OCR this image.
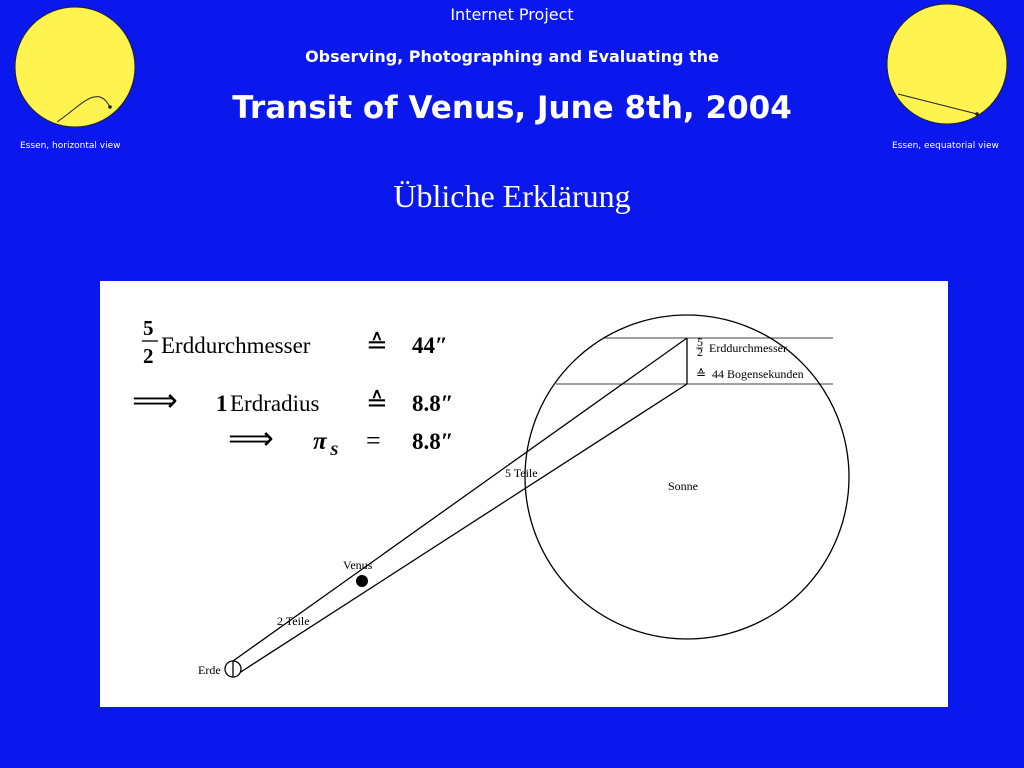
Internet Project
Observing, Photographing and Evaluating the
Transit of Venus, June 8th, 2004
Essen, horizontal view	Essen, eequatorial view
Übliche Erklärung
5
2 Erddurchmesser ≙ 44″
⟹ 1 Erdradius ≙ 8.8″
⟹ π S = 8.8″
Venus
Erde
Sonne
5 Teile
2 Teile
5
2 Erddurchmesser
≙ 44 Bogensekunden
